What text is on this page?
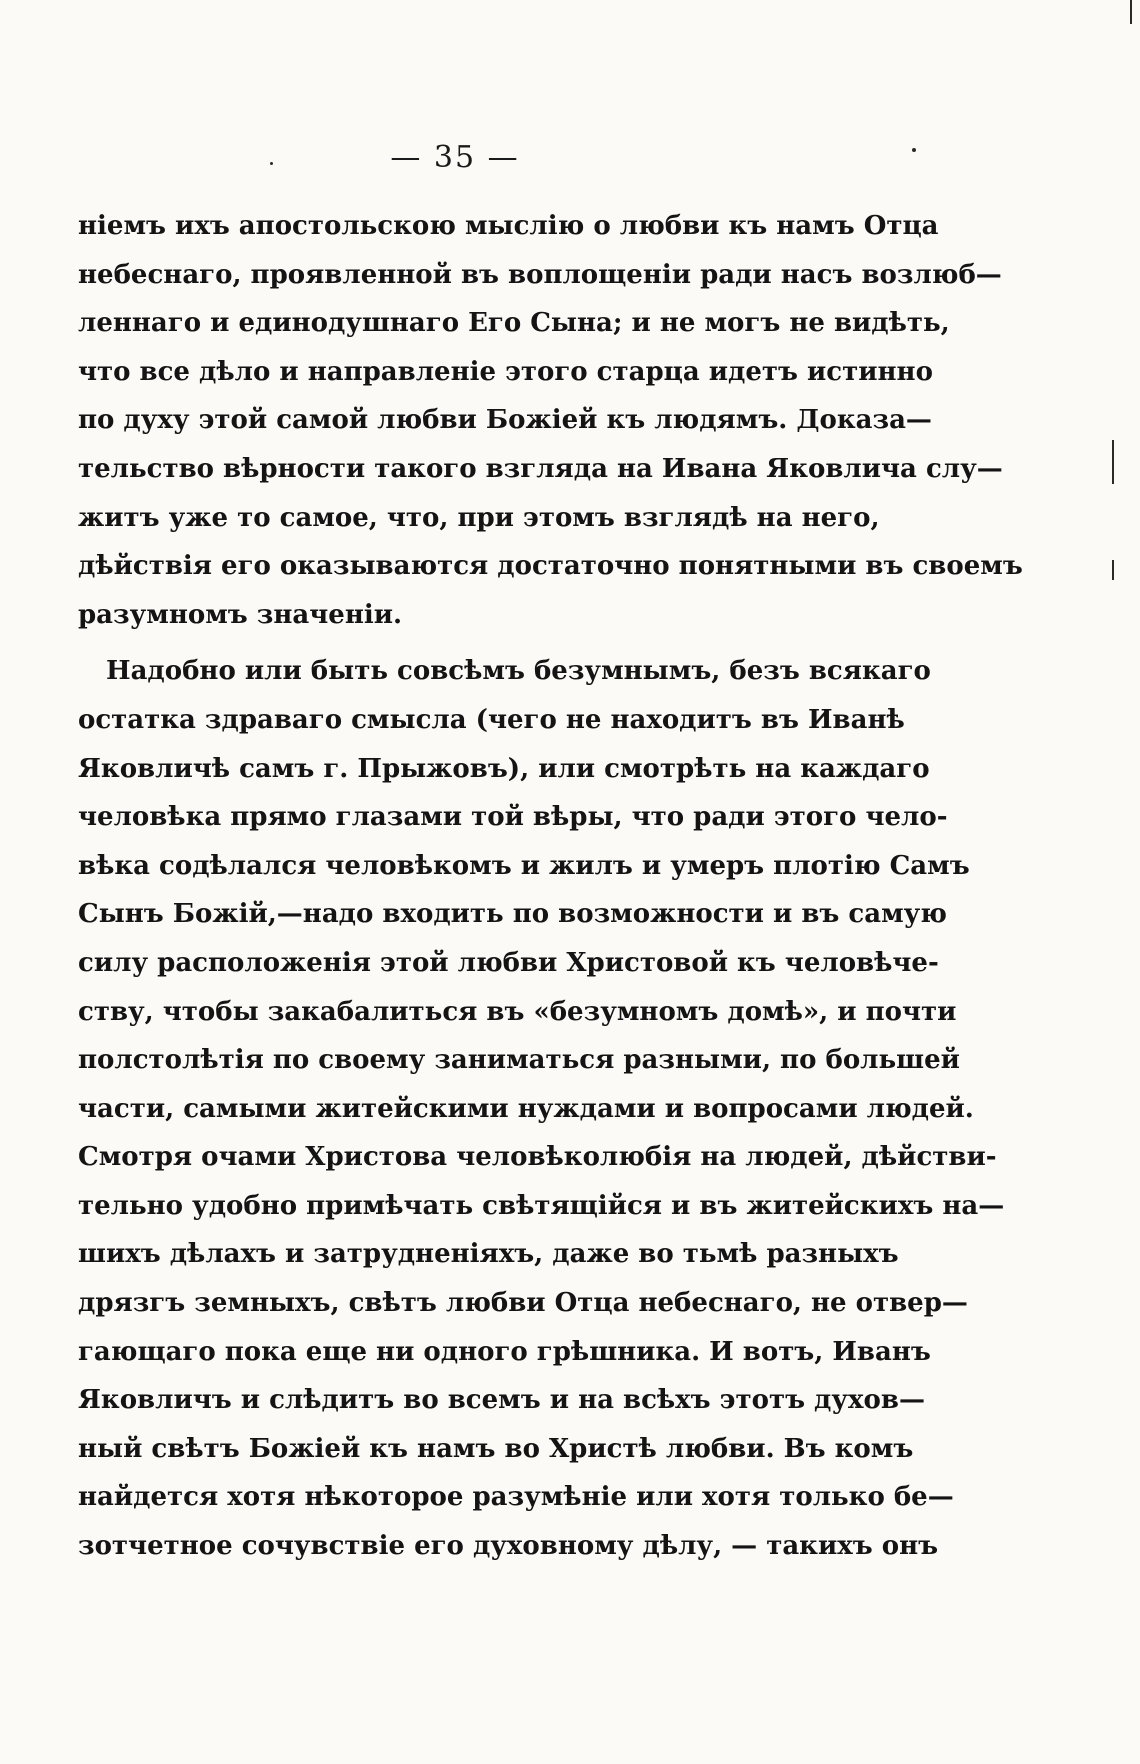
— 35 —
ніемъ ихъ апостольскою мыслію о любви къ намъ Отца
небеснаго, проявленной въ воплощеніи ради насъ возлюб—
леннаго и единодушнаго Его Сына; и не могъ не видѣть,
что все дѣло и направленіе этого старца идетъ истинно
по духу этой самой любви Божіей къ людямъ. Доказа—
тельство вѣрности такого взгляда на Ивана Яковлича слу—
житъ уже то самое, что, при этомъ взглядѣ на него,
дѣйствія его оказываются достаточно понятными въ своемъ
разумномъ значеніи.
Надобно или быть совсѣмъ безумнымъ, безъ всякаго
остатка здраваго смысла (чего не находитъ въ Иванѣ
Яковличѣ самъ г. Прыжовъ), или смотрѣть на каждаго
человѣка прямо глазами той вѣры, что ради этого чело-
вѣка содѣлался человѣкомъ и жилъ и умеръ плотію Самъ
Сынъ Божій,—надо входить по возможности и въ самую
силу расположенія этой любви Христовой къ человѣче-
ству, чтобы закабалиться въ «безумномъ домѣ», и почти
полстолѣтія по своему заниматься разными, по большей
части, самыми житейскими нуждами и вопросами людей.
Смотря очами Христова человѣколюбія на людей, дѣйстви-
тельно удобно примѣчать свѣтящійся и въ житейскихъ на—
шихъ дѣлахъ и затрудненіяхъ, даже во тьмѣ разныхъ
дрязгъ земныхъ, свѣтъ любви Отца небеснаго, не отвер—
гающаго пока еще ни одного грѣшника. И вотъ, Иванъ
Яковличъ и слѣдитъ во всемъ и на всѣхъ этотъ духов—
ный свѣтъ Божіей къ намъ во Христѣ любви. Въ комъ
найдется хотя нѣкоторое разумѣніе или хотя только бе—
зотчетное сочувствіе его духовному дѣлу, — такихъ онъ
